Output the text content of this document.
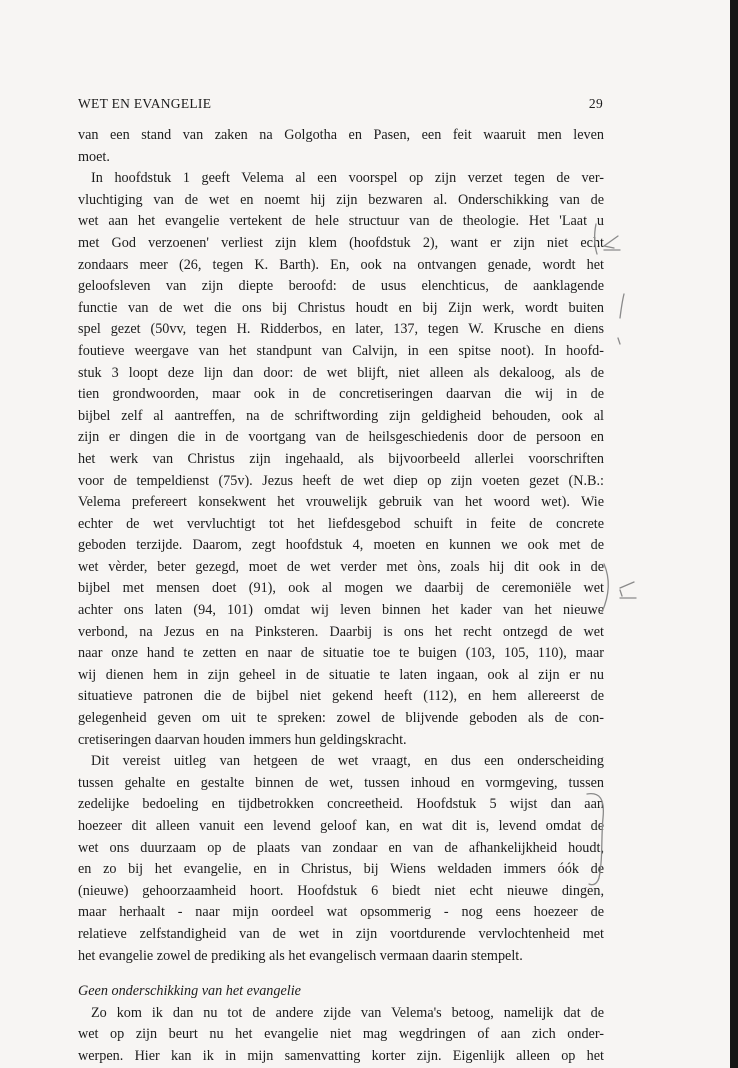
WET EN EVANGELIE	29
van een stand van zaken na Golgotha en Pasen, een feit waaruit men leven
moet.
In hoofdstuk 1 geeft Velema al een voorspel op zijn verzet tegen de ver-
vluchtiging van de wet en noemt hij zijn bezwaren al. Onderschikking van de
wet aan het evangelie vertekent de hele structuur van de theologie. Het 'Laat u
met God verzoenen' verliest zijn klem (hoofdstuk 2), want er zijn niet echt
zondaars meer (26, tegen K. Barth). En, ook na ontvangen genade, wordt het
geloofsleven van zijn diepte beroofd: de usus elenchticus, de aanklagende
functie van de wet die ons bij Christus houdt en bij Zijn werk, wordt buiten
spel gezet (50vv, tegen H. Ridderbos, en later, 137, tegen W. Krusche en diens
foutieve weergave van het standpunt van Calvijn, in een spitse noot). In hoofd-
stuk 3 loopt deze lijn dan door: de wet blijft, niet alleen als dekaloog, als de
tien grondwoorden, maar ook in de concretiseringen daarvan die wij in de
bijbel zelf al aantreffen, na de schriftwording zijn geldigheid behouden, ook al
zijn er dingen die in de voortgang van de heilsgeschiedenis door de persoon en
het werk van Christus zijn ingehaald, als bijvoorbeeld allerlei voorschriften
voor de tempeldienst (75v). Jezus heeft de wet diep op zijn voeten gezet (N.B.:
Velema prefereert konsekwent het vrouwelijk gebruik van het woord wet). Wie
echter de wet vervluchtigt tot het liefdesgebod schuift in feite de concrete
geboden terzijde. Daarom, zegt hoofdstuk 4, moeten en kunnen we ook met de
wet vèrder, beter gezegd, moet de wet verder met òns, zoals hij dit ook in de
bijbel met mensen doet (91), ook al mogen we daarbij de ceremoniële wet
achter ons laten (94, 101) omdat wij leven binnen het kader van het nieuwe
verbond, na Jezus en na Pinksteren. Daarbij is ons het recht ontzegd de wet
naar onze hand te zetten en naar de situatie toe te buigen (103, 105, 110), maar
wij dienen hem in zijn geheel in de situatie te laten ingaan, ook al zijn er nu
situatieve patronen die de bijbel niet gekend heeft (112), en hem allereerst de
gelegenheid geven om uit te spreken: zowel de blijvende geboden als de con-
cretiseringen daarvan houden immers hun geldingskracht.
Dit vereist uitleg van hetgeen de wet vraagt, en dus een onderscheiding
tussen gehalte en gestalte binnen de wet, tussen inhoud en vormgeving, tussen
zedelijke bedoeling en tijdbetrokken concreetheid. Hoofdstuk 5 wijst dan aan
hoezeer dit alleen vanuit een levend geloof kan, en wat dit is, levend omdat de
wet ons duurzaam op de plaats van zondaar en van de afhankelijkheid houdt,
en zo bij het evangelie, en in Christus, bij Wiens weldaden immers óók de
(nieuwe) gehoorzaamheid hoort. Hoofdstuk 6 biedt niet echt nieuwe dingen,
maar herhaalt - naar mijn oordeel wat opsommerig - nog eens hoezeer de
relatieve zelfstandigheid van de wet in zijn voortdurende vervlochtenheid met
het evangelie zowel de prediking als het evangelisch vermaan daarin stempelt.
Geen onderschikking van het evangelie
Zo kom ik dan nu tot de andere zijde van Velema's betoog, namelijk dat de
wet op zijn beurt nu het evangelie niet mag wegdringen of aan zich onder-
werpen. Hier kan ik in mijn samenvatting korter zijn. Eigenlijk alleen op het
